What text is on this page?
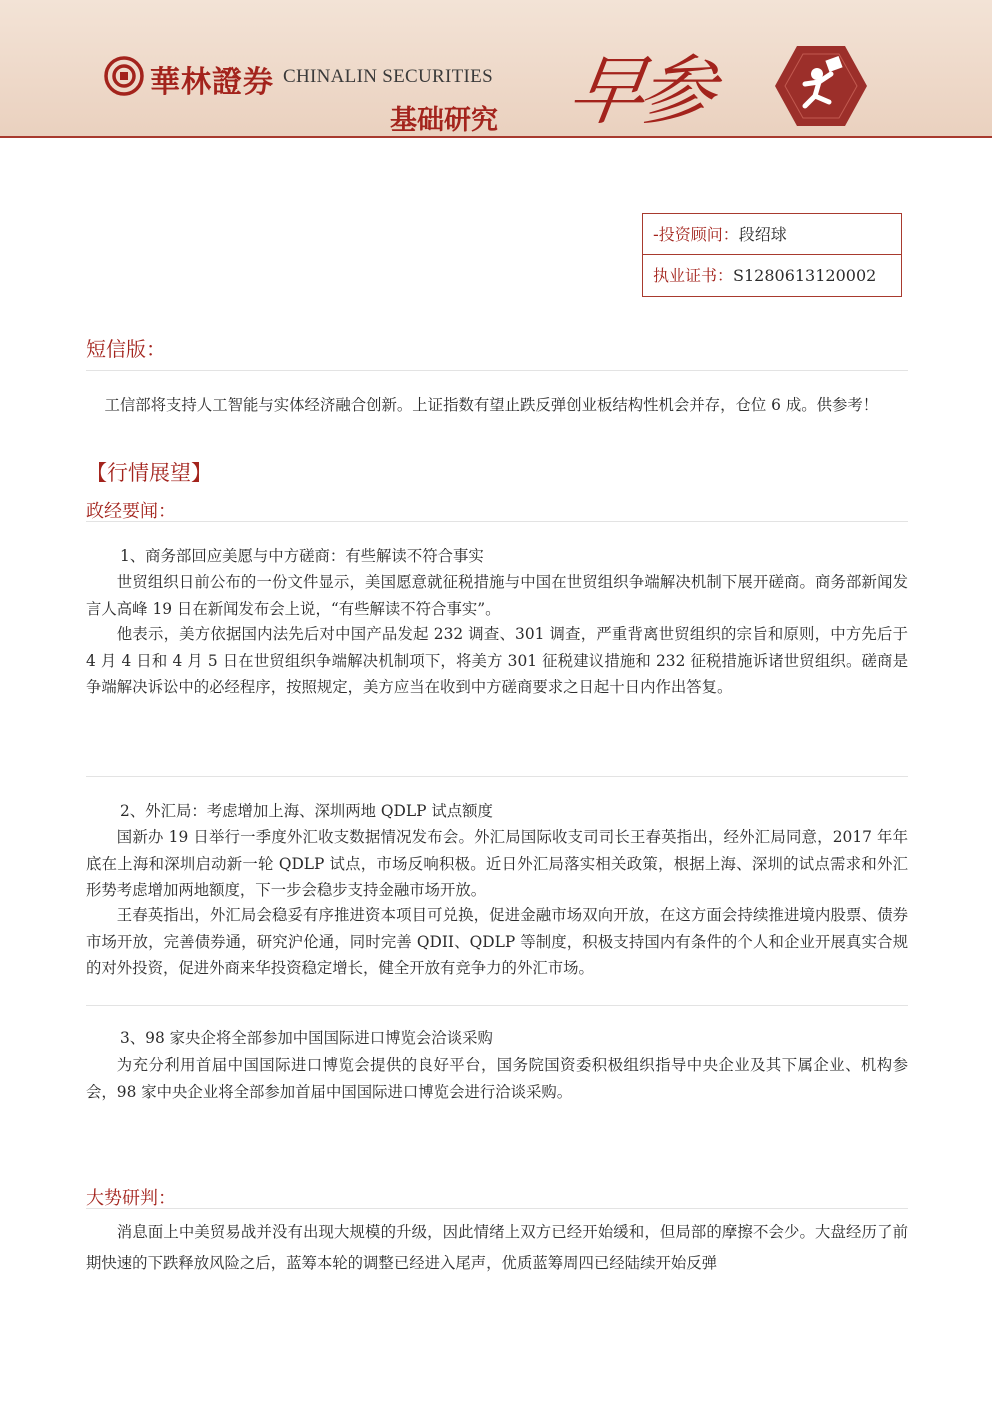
華林證券 CHINALIN SECURITIES
基础研究 早参
-投资顾问：段绍球
执业证书：S1280613120002
短信版：
工信部将支持人工智能与实体经济融合创新。上证指数有望止跌反弹创业板结构性机会并存，仓位 6 成。供参考！
【行情展望】
政经要闻：
1、商务部回应美愿与中方磋商：有些解读不符合事实
世贸组织日前公布的一份文件显示，美国愿意就征税措施与中国在世贸组织争端解决机制下展开磋商。商务部新闻发言人高峰 19 日在新闻发布会上说，“有些解读不符合事实”。
他表示，美方依据国内法先后对中国产品发起 232 调查、301 调查，严重背离世贸组织的宗旨和原则，中方先后于 4 月 4 日和 4 月 5 日在世贸组织争端解决机制项下，将美方 301 征税建议措施和 232 征税措施诉诸世贸组织。磋商是争端解决诉讼中的必经程序，按照规定，美方应当在收到中方磋商要求之日起十日内作出答复。
2、外汇局：考虑增加上海、深圳两地 QDLP 试点额度
国新办 19 日举行一季度外汇收支数据情况发布会。外汇局国际收支司司长王春英指出，经外汇局同意，2017 年年底在上海和深圳启动新一轮 QDLP 试点，市场反响积极。近日外汇局落实相关政策，根据上海、深圳的试点需求和外汇形势考虑增加两地额度，下一步会稳步支持金融市场开放。
王春英指出，外汇局会稳妥有序推进资本项目可兑换，促进金融市场双向开放，在这方面会持续推进境内股票、债券市场开放，完善债券通，研究沪伦通，同时完善 QDII、QDLP 等制度，积极支持国内有条件的个人和企业开展真实合规的对外投资，促进外商来华投资稳定增长，健全开放有竞争力的外汇市场。
3、98 家央企将全部参加中国国际进口博览会洽谈采购
为充分利用首届中国国际进口博览会提供的良好平台，国务院国资委积极组织指导中央企业及其下属企业、机构参会，98 家中央企业将全部参加首届中国国际进口博览会进行洽谈采购。
大势研判：
消息面上中美贸易战并没有出现大规模的升级，因此情绪上双方已经开始缓和，但局部的摩擦不会少。大盘经历了前期快速的下跌释放风险之后，蓝筹本轮的调整已经进入尾声，优质蓝筹周四已经陆续开始反弹
